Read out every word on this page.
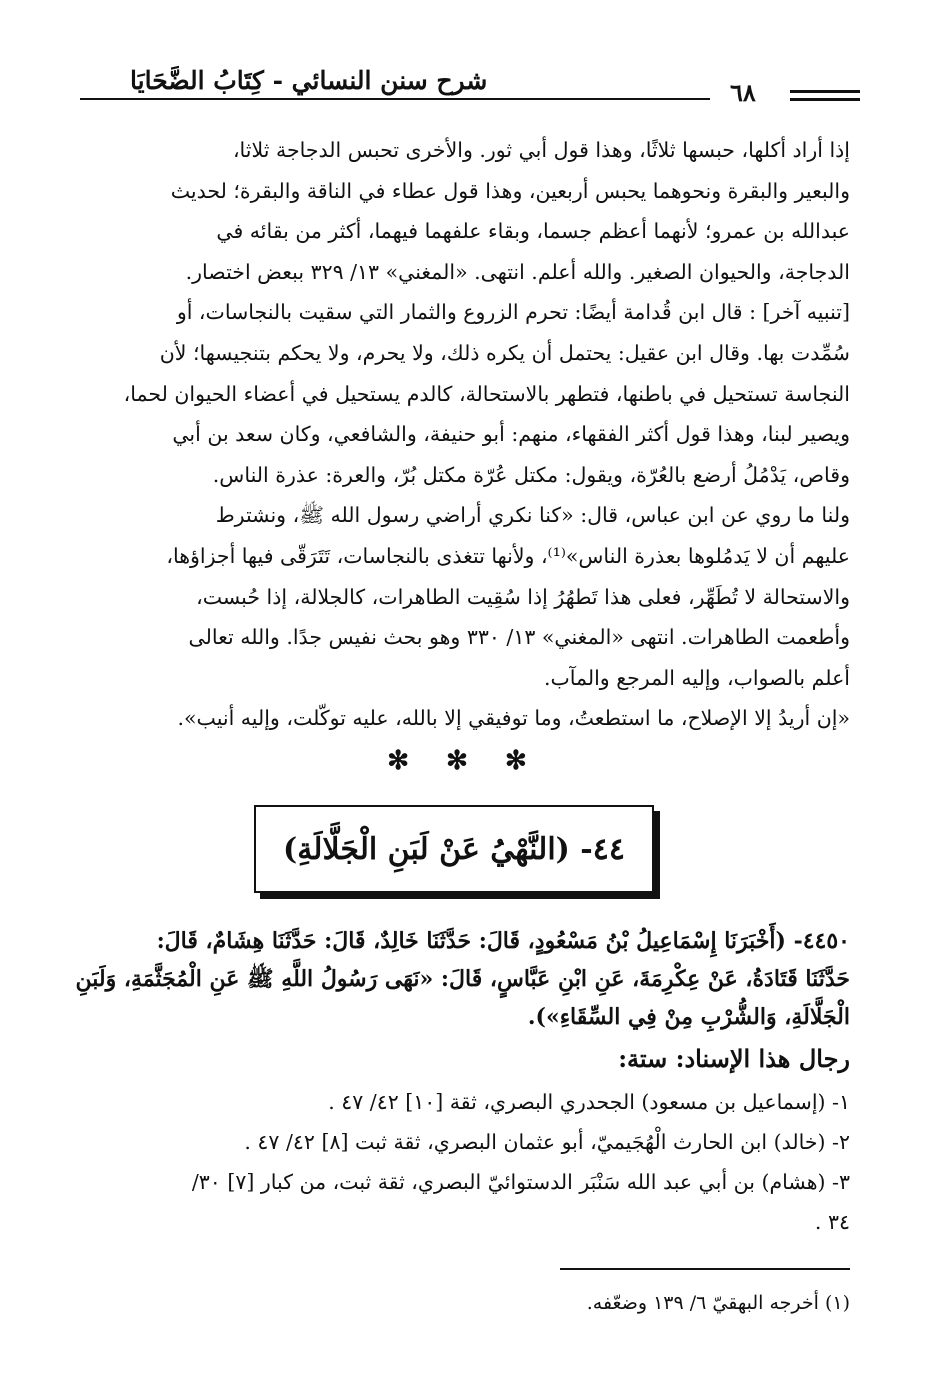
شرح سنن النسائي - كِتَابُ الضَّحَايَا	٦٨
إذا أراد أكلها، حبسها ثلاثًا، وهذا قول أبي ثور. والأخرى تحبس الدجاجة ثلاثا،
والبعير والبقرة ونحوهما يحبس أربعين، وهذا قول عطاء في الناقة والبقرة؛ لحديث
عبدالله بن عمرو؛ لأنهما أعظم جسما، وبقاء علفهما فيهما، أكثر من بقائه في
الدجاجة، والحيوان الصغير. والله أعلم. انتهى. «المغني» ١٣/ ٣٢٩ ببعض اختصار.
[تنبيه آخر] : قال ابن قُدامة أيضًا: تحرم الزروع والثمار التي سقيت بالنجاسات، أو
سُمِّدت بها. وقال ابن عقيل: يحتمل أن يكره ذلك، ولا يحرم، ولا يحكم بتنجيسها؛ لأن
النجاسة تستحيل في باطنها، فتطهر بالاستحالة، كالدم يستحيل في أعضاء الحيوان لحما،
ويصير لبنا، وهذا قول أكثر الفقهاء، منهم: أبو حنيفة، والشافعي، وكان سعد بن أبي
وقاص، يَدْمُلُ أرضع بالعُرّة، ويقول: مكتل عُرّة مكتل بُرّ، والعرة: عذرة الناس.
ولنا ما روي عن ابن عباس، قال: «كنا نكري أراضي رسول الله ﷺ، ونشترط
عليهم أن لا يَدمُلوها بعذرة الناس»⁽¹⁾، ولأنها تتغذى بالنجاسات، تَتَرَقّى فيها أجزاؤها،
والاستحالة لا تُطَهِّر، فعلى هذا تَطهُرُ إذا سُقِيت الطاهرات، كالجلالة، إذا حُبست،
وأطعمت الطاهرات. انتهى «المغني» ١٣/ ٣٣٠ وهو بحث نفيس جدًا. والله تعالى
أعلم بالصواب، وإليه المرجع والمآب.
«إن أريدُ إلا الإصلاح، ما استطعتُ، وما توفيقي إلا بالله، عليه توكّلت، وإليه أنيب».
✻ ✻ ✻
٤٤- (النَّهْيُ عَنْ لَبَنِ الْجَلَّالَةِ)
٤٤٥٠- (أَخْبَرَنَا إِسْمَاعِيلُ بْنُ مَسْعُودٍ، قَالَ: حَدَّثَنَا خَالِدٌ، قَالَ: حَدَّثَنَا هِشَامٌ، قَالَ:
حَدَّثَنَا قَتَادَةُ، عَنْ عِكْرِمَةَ، عَنِ ابْنِ عَبَّاسٍ، قَالَ: «نَهَى رَسُولُ اللَّهِ ﷺ عَنِ الْمُجَثَّمَةِ، وَلَبَنِ
الْجَلَّالَةِ، وَالشُّرْبِ مِنْ فِي السِّقَاءِ»).
رجال هذا الإسناد: ستة:
١- (إسماعيل بن مسعود) الجحدري البصري، ثقة [١٠] ٤٢/ ٤٧ .
٢- (خالد) ابن الحارث الْهُجَيميّ، أبو عثمان البصري، ثقة ثبت [٨] ٤٢/ ٤٧ .
٣- (هشام) بن أبي عبد الله سَنْبَر الدستوائيّ البصري، ثقة ثبت، من كبار [٧] ٣٠/
٣٤ .
(١) أخرجه البهقيّ ٦/ ١٣٩ وضعّفه.
